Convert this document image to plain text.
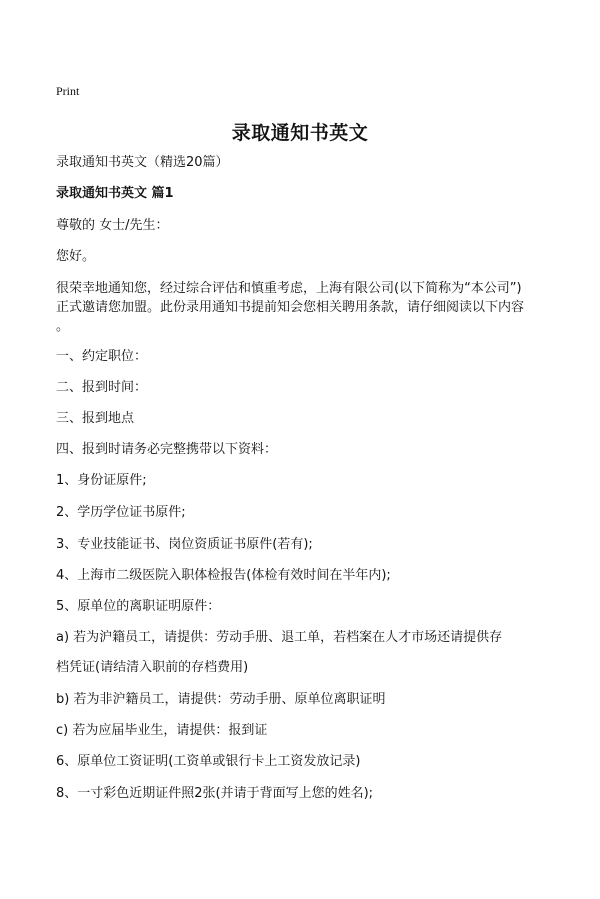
Print
录取通知书英文
录取通知书英文（精选20篇）
录取通知书英文 篇1
尊敬的 女士/先生：
您好。
很荣幸地通知您，经过综合评估和慎重考虑，上海有限公司(以下简称为“本公司”)
正式邀请您加盟。此份录用通知书提前知会您相关聘用条款，请仔细阅读以下内容
。
一、约定职位：
二、报到时间：
三、报到地点
四、报到时请务必完整携带以下资料：
1、身份证原件;
2、学历学位证书原件;
3、专业技能证书、岗位资质证书原件(若有);
4、上海市二级医院入职体检报告(体检有效时间在半年内);
5、原单位的离职证明原件：
a) 若为沪籍员工，请提供：劳动手册、退工单，若档案在人才市场还请提供存
档凭证(请结清入职前的存档费用)
b) 若为非沪籍员工，请提供：劳动手册、原单位离职证明
c) 若为应届毕业生，请提供：报到证
6、原单位工资证明(工资单或银行卡上工资发放记录)
8、一寸彩色近期证件照2张(并请于背面写上您的姓名);
